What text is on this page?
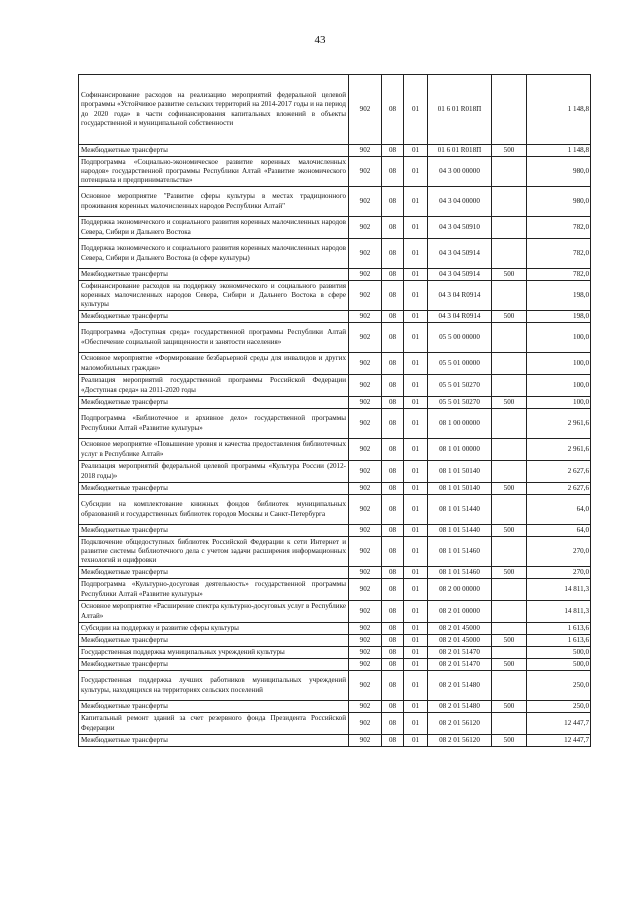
43
Софинансирование расходов на реализацию мероприятий федеральной целевой программы «Устойчивое развитие сельских территорий на 2014-2017 годы и на период до 2020 года» в части софинансирования капитальных вложений в объекты государственной и муниципальной собственности	902	08	01	01 6 01 R018П		1 148,8
Межбюджетные трансферты	902	08	01	01 6 01 R018П	500	1 148,8
Подпрограмма «Социально-экономическое развитие коренных малочисленных народов» государственной программы Республики Алтай «Развитие экономического потенциала и предпринимательства»	902	08	01	04 3 00 00000		980,0
Основное мероприятие "Развитие сферы культуры в местах традиционного проживания коренных малочисленных народов Республики Алтай"	902	08	01	04 3 04 00000		980,0
Поддержка экономического и социального развития коренных малочисленных народов Севера, Сибири и Дальнего Востока	902	08	01	04 3 04 50910		782,0
Поддержка экономического и социального развития коренных малочисленных народов Севера, Сибири и Дальнего Востока (в сфере культуры)	902	08	01	04 3 04 50914		782,0
Межбюджетные трансферты	902	08	01	04 3 04 50914	500	782,0
Софинансирование расходов на поддержку экономического и социального развития коренных малочисленных народов Севера, Сибири и Дальнего Востока в сфере культуры	902	08	01	04 3 04 R0914		198,0
Межбюджетные трансферты	902	08	01	04 3 04 R0914	500	198,0
Подпрограмма «Доступная среда» государственной программы Республики Алтай «Обеспечение социальной защищенности и занятости населения»	902	08	01	05 5 00 00000		100,0
Основное мероприятие «Формирование безбарьерной среды для инвалидов и других маломобильных граждан»	902	08	01	05 5 01 00000		100,0
Реализация мероприятий государственной программы Российской Федерации «Доступная среда» на 2011-2020 годы	902	08	01	05 5 01 50270		100,0
Межбюджетные трансферты	902	08	01	05 5 01 50270	500	100,0
Подпрограмма «Библиотечное и архивное дело» государственной программы Республики Алтай «Развитие культуры»	902	08	01	08 1 00 00000		2 961,6
Основное мероприятие «Повышение уровня и качества предоставления библиотечных услуг в Республике Алтай»	902	08	01	08 1 01 00000		2 961,6
Реализация мероприятий федеральной целевой программы «Культура России (2012-2018 годы)»	902	08	01	08 1 01 50140		2 627,6
Межбюджетные трансферты	902	08	01	08 1 01 50140	500	2 627,6
Субсидии на комплектование книжных фондов библиотек муниципальных образований и государственных библиотек городов Москвы и Санкт-Петербурга	902	08	01	08 1 01 51440		64,0
Межбюджетные трансферты	902	08	01	08 1 01 51440	500	64,0
Подключение общедоступных библиотек Российской Федерации к сети Интернет и развитие системы библиотечного дела с учетом задачи расширения информационных технологий и оцифровки	902	08	01	08 1 01 51460		270,0
Межбюджетные трансферты	902	08	01	08 1 01 51460	500	270,0
Подпрограмма «Культурно-досуговая деятельность» государственной программы Республики Алтай «Развитие культуры»	902	08	01	08 2 00 00000		14 811,3
Основное мероприятие «Расширение спектра культурно-досуговых услуг в Республике Алтай»	902	08	01	08 2 01 00000		14 811,3
Субсидии на поддержку и развитие сферы культуры	902	08	01	08 2 01 45000		1 613,6
Межбюджетные трансферты	902	08	01	08 2 01 45000	500	1 613,6
Государственная поддержка муниципальных учреждений культуры	902	08	01	08 2 01 51470		500,0
Межбюджетные трансферты	902	08	01	08 2 01 51470	500	500,0
Государственная поддержка лучших работников муниципальных учреждений культуры, находящихся на территориях сельских поселений	902	08	01	08 2 01 51480		250,0
Межбюджетные трансферты	902	08	01	08 2 01 51480	500	250,0
Капитальный ремонт зданий за счет резервного фонда Президента Российской Федерации	902	08	01	08 2 01 56120		12 447,7
Межбюджетные трансферты	902	08	01	08 2 01 56120	500	12 447,7
